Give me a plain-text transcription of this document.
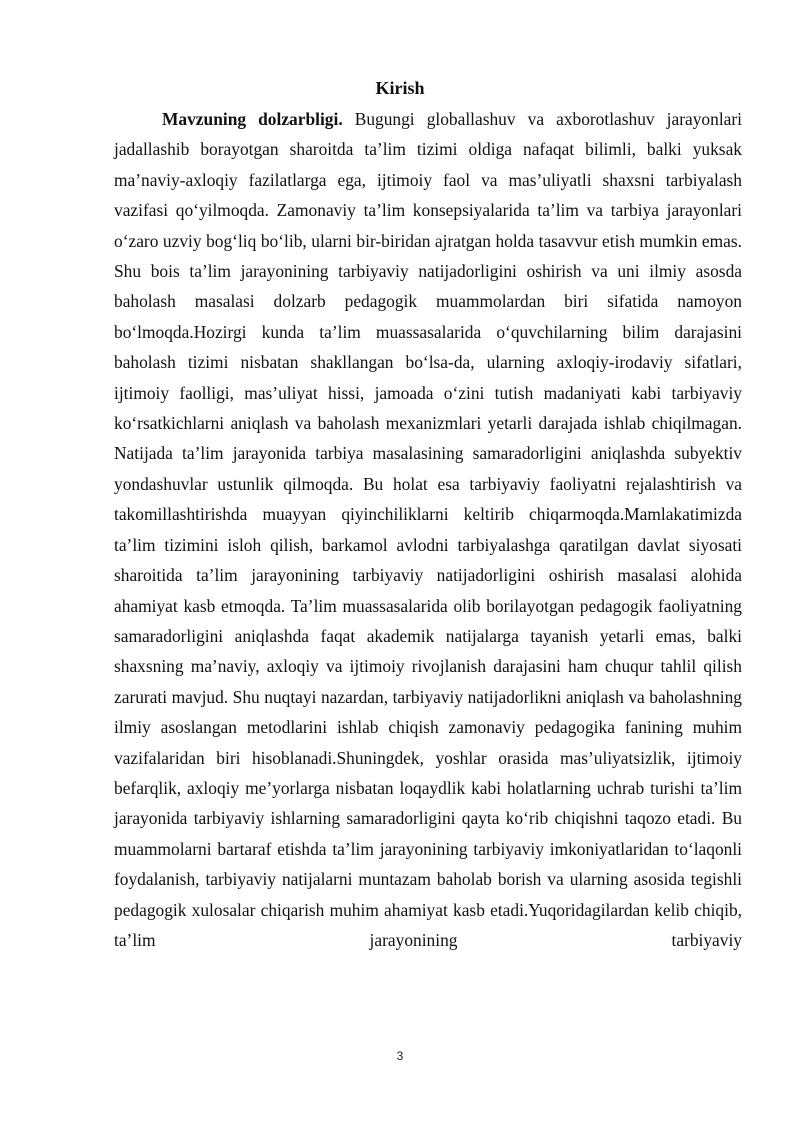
Kirish

Mavzuning dolzarbligi. Bugungi globallashuv va axborotlashuv jarayonlari jadallashib borayotgan sharoitda ta’lim tizimi oldiga nafaqat bilimli, balki yuksak ma’naviy-axloqiy fazilatlarga ega, ijtimoiy faol va mas’uliyatli shaxsni tarbiyalash vazifasi qo‘yilmoqda. Zamonaviy ta’lim konsepsiyalarida ta’lim va tarbiya jarayonlari o‘zaro uzviy bog‘liq bo‘lib, ularni bir-biridan ajratgan holda tasavvur etish mumkin emas. Shu bois ta’lim jarayonining tarbiyaviy natijadorligini oshirish va uni ilmiy asosda baholash masalasi dolzarb pedagogik muammolardan biri sifatida namoyon bo‘lmoqda.Hozirgi kunda ta’lim muassasalarida o‘quvchilarning bilim darajasini baholash tizimi nisbatan shakllangan bo‘lsa-da, ularning axloqiy-irodaviy sifatlari, ijtimoiy faolligi, mas’uliyat hissi, jamoada o‘zini tutish madaniyati kabi tarbiyaviy ko‘rsatkichlarni aniqlash va baholash mexanizmlari yetarli darajada ishlab chiqilmagan. Natijada ta’lim jarayonida tarbiya masalasining samaradorligini aniqlashda subyektiv yondashuvlar ustunlik qilmoqda. Bu holat esa tarbiyaviy faoliyatni rejalashtirish va takomillashtirishda muayyan qiyinchiliklarni keltirib chiqarmoqda.Mamlakatimizda ta’lim tizimini isloh qilish, barkamol avlodni tarbiyalashga qaratilgan davlat siyosati sharoitida ta’lim jarayonining tarbiyaviy natijadorligini oshirish masalasi alohida ahamiyat kasb etmoqda. Ta’lim muassasalarida olib borilayotgan pedagogik faoliyatning samaradorligini aniqlashda faqat akademik natijalarga tayanish yetarli emas, balki shaxsning ma’naviy, axloqiy va ijtimoiy rivojlanish darajasini ham chuqur tahlil qilish zarurati mavjud. Shu nuqtayi nazardan, tarbiyaviy natijadorlikni aniqlash va baholashning ilmiy asoslangan metodlarini ishlab chiqish zamonaviy pedagogika fanining muhim vazifalaridan biri hisoblanadi.Shuningdek, yoshlar orasida mas’uliyatsizlik, ijtimoiy befarqlik, axloqiy me’yorlarga nisbatan loqaydlik kabi holatlarning uchrab turishi ta’lim jarayonida tarbiyaviy ishlarning samaradorligini qayta ko‘rib chiqishni taqozo etadi. Bu muammolarni bartaraf etishda ta’lim jarayonining tarbiyaviy imkoniyatlaridan to‘laqonli foydalanish, tarbiyaviy natijalarni muntazam baholab borish va ularning asosida tegishli pedagogik xulosalar chiqarish muhim ahamiyat kasb etadi.Yuqoridagilardan kelib chiqib, ta’lim jarayonining tarbiyaviy

3
